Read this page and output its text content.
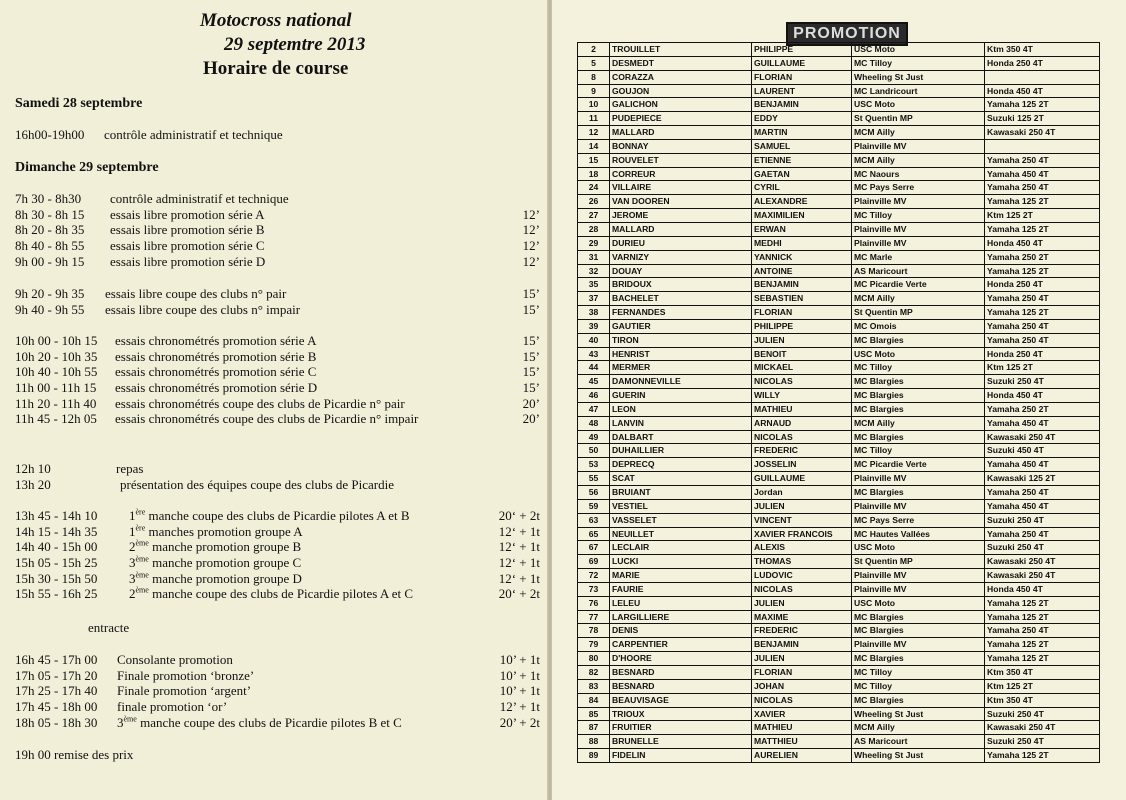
Motocross national
29 septemtre 2013
Horaire de course
Samedi 28 septembre
16h00-19h00 contrôle administratif et technique
Dimanche 29 septembre
7h 30 - 8h30 contrôle administratif et technique
8h 30 - 8h 15 essais libre promotion série A	12’
8h 20 - 8h 35 essais libre promotion série B	12’
8h 40 - 8h 55 essais libre promotion série C	12’
9h 00 - 9h 15 essais libre promotion série D	12’
9h 20 - 9h 35 essais libre coupe des clubs n° pair	15’
9h 40 - 9h 55 essais libre coupe des clubs n° impair	15’
10h 00 - 10h 15 essais chronométrés promotion série A	15’
10h 20 - 10h 35 essais chronométrés promotion série B	15’
10h 40 - 10h 55 essais chronométrés promotion série C	15’
11h 00 - 11h 15 essais chronométrés promotion série D	15’
11h 20 - 11h 40 essais chronométrés coupe des clubs de Picardie n° pair	20’
11h 45 - 12h 05 essais chronométrés coupe des clubs de Picardie n° impair	20’
12h 10	repas
13h 20	présentation des équipes coupe des clubs de Picardie
13h 45 - 14h 10 1ère manche coupe des clubs de Picardie pilotes A et B	20‘ + 2t
14h 15 - 14h 35 1ère manches promotion groupe A	12‘ + 1t
14h 40 - 15h 00 2ème manche promotion groupe B	12‘ + 1t
15h 05 - 15h 25 3ème manche promotion groupe C	12‘ + 1t
15h 30 - 15h 50 3ème manche promotion groupe D	12‘ + 1t
15h 55 - 16h 25 2ème manche coupe des clubs de Picardie pilotes A et C	20‘ + 2t
entracte
16h 45 - 17h 00 Consolante promotion	10’ + 1t
17h 05 - 17h 20 Finale promotion ‘bronze’	10’ + 1t
17h 25 - 17h 40 Finale promotion ‘argent’	10’ + 1t
17h 45 - 18h 00 finale promotion ‘or’	12’ + 1t
18h 05 - 18h 30 3ème manche coupe des clubs de Picardie pilotes B et C	20’ + 2t
19h 00 remise des prix
PROMOTION
2	TROUILLET	PHILIPPE	USC Moto	Ktm 350 4T
5	DESMEDT	GUILLAUME	MC Tilloy	Honda 250 4T
8	CORAZZA	FLORIAN	Wheeling St Just	
9	GOUJON	LAURENT	MC Landricourt	Honda 450 4T
10	GALICHON	BENJAMIN	USC Moto	Yamaha 125 2T
11	PUDEPIECE	EDDY	St Quentin MP	Suzuki 125 2T
12	MALLARD	MARTIN	MCM Ailly	Kawasaki 250 4T
14	BONNAY	SAMUEL	Plainville MV	
15	ROUVELET	ETIENNE	MCM Ailly	Yamaha 250 4T
18	CORREUR	GAETAN	MC Naours	Yamaha 450 4T
24	VILLAIRE	CYRIL	MC Pays Serre	Yamaha 250 4T
26	VAN DOOREN	ALEXANDRE	Plainville MV	Yamaha 125 2T
27	JEROME	MAXIMILIEN	MC Tilloy	Ktm 125 2T
28	MALLARD	ERWAN	Plainville MV	Yamaha 125 2T
29	DURIEU	MEDHI	Plainville MV	Honda 450 4T
31	VARNIZY	YANNICK	MC Marle	Yamaha 250 2T
32	DOUAY	ANTOINE	AS Maricourt	Yamaha 125 2T
35	BRIDOUX	BENJAMIN	MC Picardie Verte	Honda 250 4T
37	BACHELET	SEBASTIEN	MCM Ailly	Yamaha 250 4T
38	FERNANDES	FLORIAN	St Quentin MP	Yamaha 125 2T
39	GAUTIER	PHILIPPE	MC Omois	Yamaha 250 4T
40	TIRON	JULIEN	MC Blargies	Yamaha 250 4T
43	HENRIST	BENOIT	USC Moto	Honda 250 4T
44	MERMER	MICKAEL	MC Tilloy	Ktm 125 2T
45	DAMONNEVILLE	NICOLAS	MC Blargies	Suzuki 250 4T
46	GUERIN	WILLY	MC Blargies	Honda 450 4T
47	LEON	MATHIEU	MC Blargies	Yamaha 250 2T
48	LANVIN	ARNAUD	MCM Ailly	Yamaha 450 4T
49	DALBART	NICOLAS	MC Blargies	Kawasaki 250 4T
50	DUHAILLIER	FREDERIC	MC Tilloy	Suzuki 450 4T
53	DEPRECQ	JOSSELIN	MC Picardie Verte	Yamaha 450 4T
55	SCAT	GUILLAUME	Plainville MV	Kawasaki 125 2T
56	BRUIANT	Jordan	MC Blargies	Yamaha 250 4T
59	VESTIEL	JULIEN	Plainville MV	Yamaha 450 4T
63	VASSELET	VINCENT	MC Pays Serre	Suzuki 250 4T
65	NEUILLET	XAVIER FRANCOIS	MC Hautes Vallées	Yamaha 250 4T
67	LECLAIR	ALEXIS	USC Moto	Suzuki 250 4T
69	LUCKI	THOMAS	St Quentin MP	Kawasaki 250 4T
72	MARIE	LUDOVIC	Plainville MV	Kawasaki 250 4T
73	FAURIE	NICOLAS	Plainville MV	Honda 450 4T
76	LELEU	JULIEN	USC Moto	Yamaha 125 2T
77	LARGILLIERE	MAXIME	MC Blargies	Yamaha 125 2T
78	DENIS	FREDERIC	MC Blargies	Yamaha 250 4T
79	CARPENTIER	BENJAMIN	Plainville MV	Yamaha 125 2T
80	D'HOORE	JULIEN	MC Blargies	Yamaha 125 2T
82	BESNARD	FLORIAN	MC Tilloy	Ktm 350 4T
83	BESNARD	JOHAN	MC Tilloy	Ktm 125 2T
84	BEAUVISAGE	NICOLAS	MC Blargies	Ktm 350 4T
85	TRIOUX	XAVIER	Wheeling St Just	Suzuki 250 4T
87	FRUITIER	MATHIEU	MCM Ailly	Kawasaki 250 4T
88	BRUNELLE	MATTHIEU	AS Maricourt	Suzuki 250 4T
89	FIDELIN	AURELIEN	Wheeling St Just	Yamaha 125 2T
